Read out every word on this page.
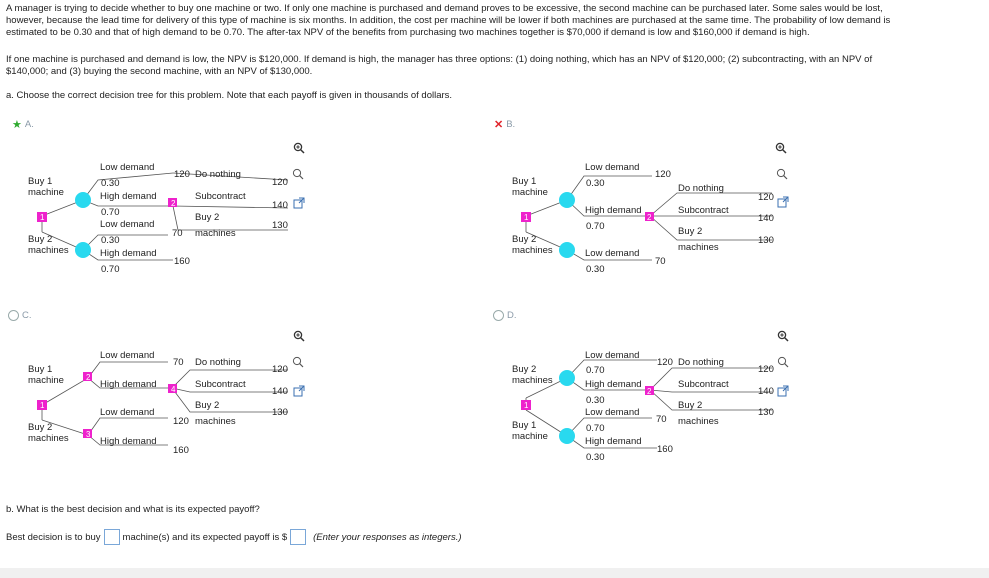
A manager is trying to decide whether to buy one machine or two. If only one machine is purchased and demand proves to be excessive, the second machine can be purchased later. Some sales would be lost,
however, because the lead time for delivery of this type of machine is six months. In addition, the cost per machine will be lower if both machines are purchased at the same time. The probability of low demand is
estimated to be 0.30 and that of high demand to be 0.70. The after-tax NPV of the benefits from purchasing two machines together is $70,000 if demand is low and $160,000 if demand is high.
If one machine is purchased and demand is low, the NPV is $120,000. If demand is high, the manager has three options: (1) doing nothing, which has an NPV of $120,000; (2) subcontracting, with an NPV of
$140,000; and (3) buying the second machine, with an NPV of $130,000.
a. Choose the correct decision tree for this problem. Note that each payoff is given in thousands of dollars.
★ A.	✕ B.
C.	D.
Buy 1
machine
Buy 2
machines
1
2
Low demand
0.30
High demand
0.70
Low demand
0.30
High demand
0.70
120 Do nothing
Subcontract
Buy 2
70 machines
160
120
140
130
Buy 1
machine
Buy 2
machines
1	2
Low demand
0.30
High demand
0.70
Low demand
0.30
120
Do nothing
Subcontract
Buy 2
machines
70
120
140
130
Buy 1
machine
Buy 2
machines
1
2
3
4
Low demand
High demand
Low demand
High demand
70 Do nothing
Subcontract
Buy 2
120 machines
160
120
140
130
Buy 2
machines
Buy 1
machine
1
2
Low demand
0.70
High demand
0.30
Low demand
0.70
High demand
0.30
120 Do nothing
Subcontract
Buy 2
70 machines
160
120
140
130
b. What is the best decision and what is its expected payoff?
Best decision is to buy machine(s) and its expected payoff is $	(Enter your responses as integers.)
